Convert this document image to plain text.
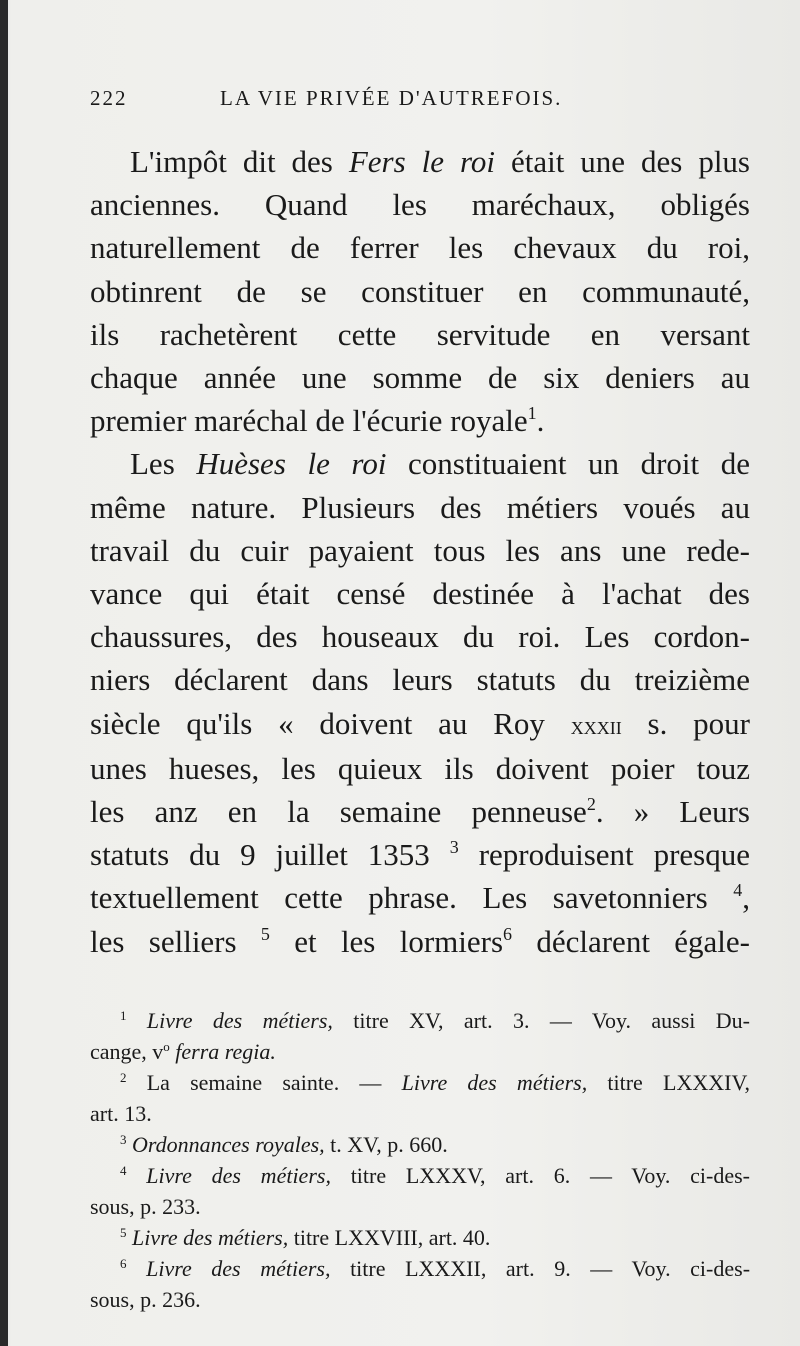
222	LA VIE PRIVÉE D'AUTREFOIS.
L'impôt dit des Fers le roi était une des plus
anciennes. Quand les maréchaux, obligés
naturellement de ferrer les chevaux du roi,
obtinrent de se constituer en communauté,
ils rachetèrent cette servitude en versant
chaque année une somme de six deniers au
premier maréchal de l'écurie royale$^1$.
Les Huèses le roi constituaient un droit de
même nature. Plusieurs des métiers voués au
travail du cuir payaient tous les ans une rede-
vance qui était censé destinée à l'achat des
chaussures, des houseaux du roi. Les cordon-
niers déclarent dans leurs statuts du treizième
siècle qu'ils « doivent au Roy xxxii s. pour
unes hueses, les quieux ils doivent poier touz
les anz en la semaine penneuse$^2$. » Leurs
statuts du 9 juillet 1353 $^3$ reproduisent presque
textuellement cette phrase. Les savetonniers $^4$,
les selliers $^5$ et les lormiers$^6$ déclarent égale-
$^1$ Livre des métiers, titre XV, art. 3. — Voy. aussi Du-
cange, $v^o$ ferra regia.
$^2$ La semaine sainte. — Livre des métiers, titre LXXXIV,
art. 13.
$^3$ Ordonnances royales, t. XV, p. 660.
$^4$ Livre des métiers, titre LXXXV, art. 6. — Voy. ci-des-
sous, p. 233.
$^5$ Livre des métiers, titre LXXVIII, art. 40.
$^6$ Livre des métiers, titre LXXXII, art. 9. — Voy. ci-des-
sous, p. 236.
